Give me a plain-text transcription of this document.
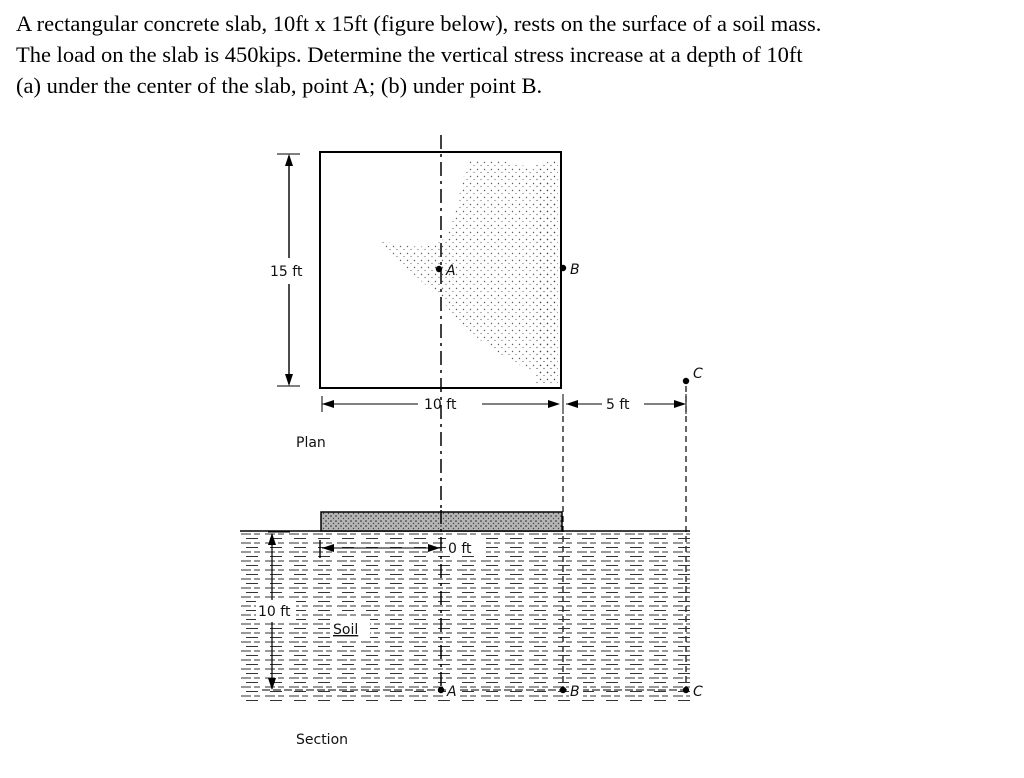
A rectangular concrete slab, 10ft x 15ft (figure below), rests on the surface of a soil mass.

The load on the slab is 450kips. Determine the vertical stress increase at a depth of 10ft

(a) under the center of the slab, point A; (b) under point B.

15 ft	A	B
C
10 ft	5 ft
Plan
0 ft
10 ft
Soil
A	B	C
Section
